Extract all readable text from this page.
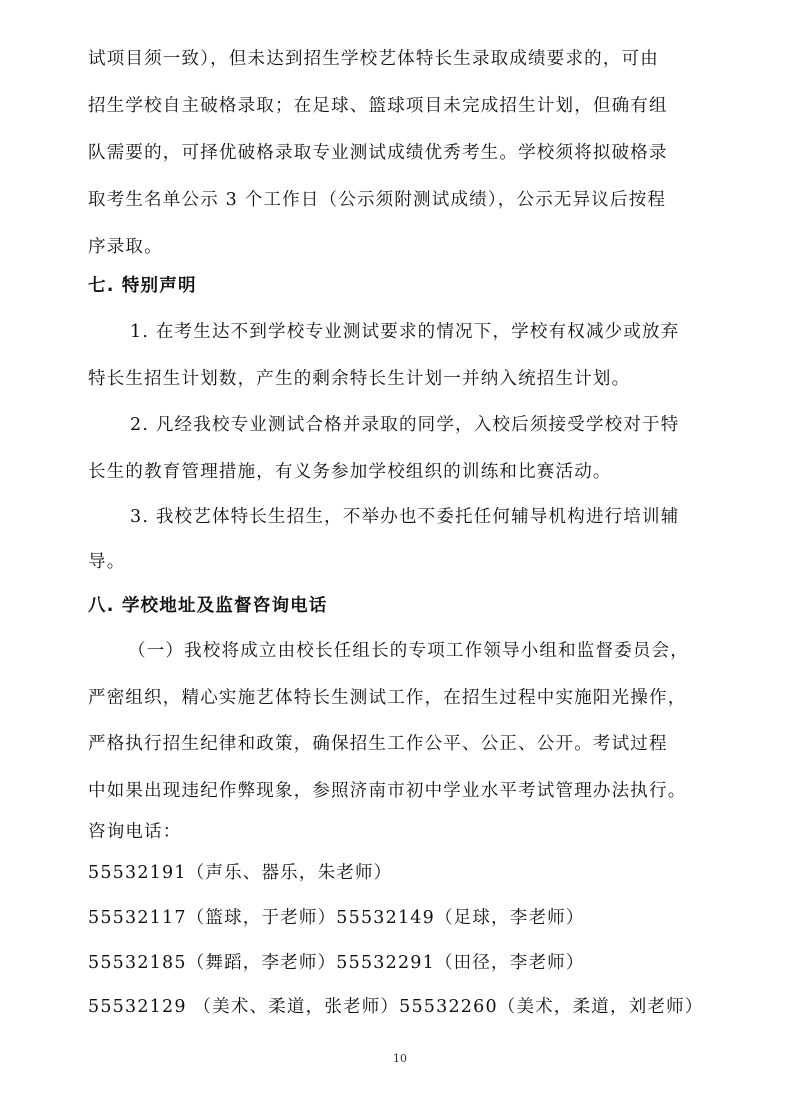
试项目须一致），但未达到招生学校艺体特长生录取成绩要求的，可由
招生学校自主破格录取；在足球、篮球项目未完成招生计划，但确有组
队需要的，可择优破格录取专业测试成绩优秀考生。学校须将拟破格录
取考生名单公示 3 个工作日（公示须附测试成绩），公示无异议后按程
序录取。
七. 特别声明
1. 在考生达不到学校专业测试要求的情况下，学校有权减少或放弃
特长生招生计划数，产生的剩余特长生计划一并纳入统招生计划。
2. 凡经我校专业测试合格并录取的同学，入校后须接受学校对于特
长生的教育管理措施，有义务参加学校组织的训练和比赛活动。
3. 我校艺体特长生招生，不举办也不委托任何辅导机构进行培训辅
导。
八. 学校地址及监督咨询电话
（一）我校将成立由校长任组长的专项工作领导小组和监督委员会，
严密组织，精心实施艺体特长生测试工作，在招生过程中实施阳光操作，
严格执行招生纪律和政策，确保招生工作公平、公正、公开。考试过程
中如果出现违纪作弊现象，参照济南市初中学业水平考试管理办法执行。
咨询电话：
55532191（声乐、器乐，朱老师）
55532117（篮球，于老师）55532149（足球，李老师）
55532185（舞蹈，李老师）55532291（田径，李老师）
55532129 （美术、柔道，张老师）55532260（美术，柔道，刘老师）
10
